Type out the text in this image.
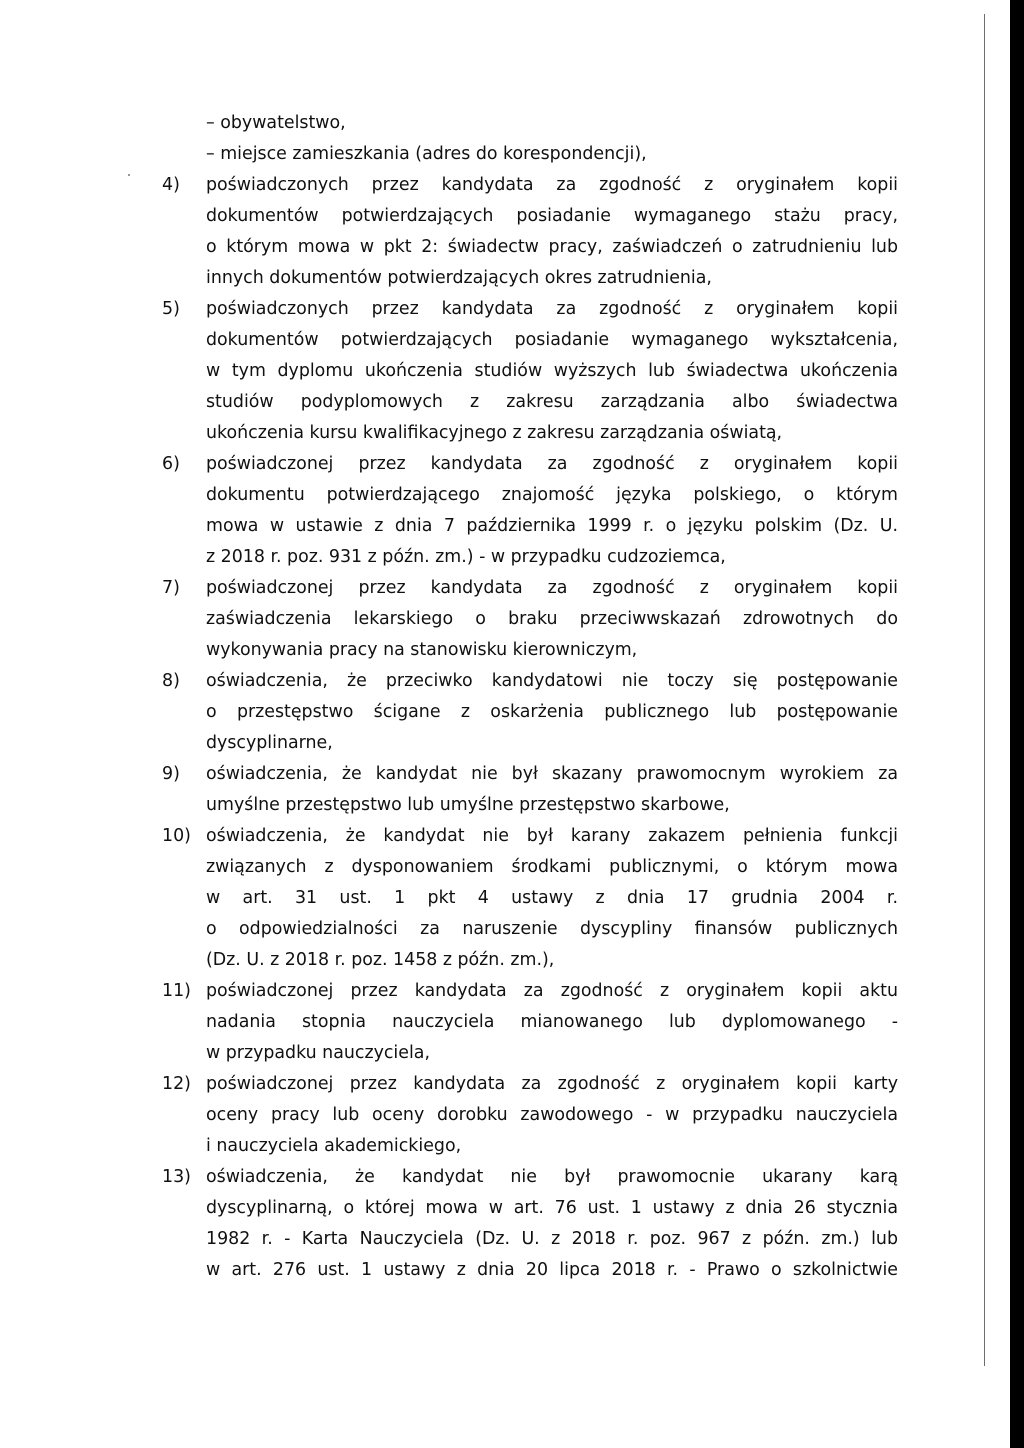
– obywatelstwo,
– miejsce zamieszkania (adres do korespondencji),
4)	poświadczonych przez kandydata za zgodność z oryginałem kopii
dokumentów potwierdzających posiadanie wymaganego stażu pracy,
o którym mowa w pkt 2: świadectw pracy, zaświadczeń o zatrudnieniu lub
innych dokumentów potwierdzających okres zatrudnienia,
5)	poświadczonych przez kandydata za zgodność z oryginałem kopii
dokumentów potwierdzających posiadanie wymaganego wykształcenia,
w tym dyplomu ukończenia studiów wyższych lub świadectwa ukończenia
studiów podyplomowych z zakresu zarządzania albo świadectwa
ukończenia kursu kwalifikacyjnego z zakresu zarządzania oświatą,
6)	poświadczonej przez kandydata za zgodność z oryginałem kopii
dokumentu potwierdzającego znajomość języka polskiego, o którym
mowa w ustawie z dnia 7 października 1999 r. o języku polskim (Dz. U.
z 2018 r. poz. 931 z późn. zm.) - w przypadku cudzoziemca,
7)	poświadczonej przez kandydata za zgodność z oryginałem kopii
zaświadczenia lekarskiego o braku przeciwwskazań zdrowotnych do
wykonywania pracy na stanowisku kierowniczym,
8)	oświadczenia, że przeciwko kandydatowi nie toczy się postępowanie
o przestępstwo ścigane z oskarżenia publicznego lub postępowanie
dyscyplinarne,
9)	oświadczenia, że kandydat nie był skazany prawomocnym wyrokiem za
umyślne przestępstwo lub umyślne przestępstwo skarbowe,
10) oświadczenia, że kandydat nie był karany zakazem pełnienia funkcji
związanych z dysponowaniem środkami publicznymi, o którym mowa
w art. 31 ust. 1 pkt 4 ustawy z dnia 17 grudnia 2004 r.
o odpowiedzialności za naruszenie dyscypliny finansów publicznych
(Dz. U. z 2018 r. poz. 1458 z późn. zm.),
11) poświadczonej przez kandydata za zgodność z oryginałem kopii aktu
nadania stopnia nauczyciela mianowanego lub dyplomowanego -
w przypadku nauczyciela,
12) poświadczonej przez kandydata za zgodność z oryginałem kopii karty
oceny pracy lub oceny dorobku zawodowego - w przypadku nauczyciela
i nauczyciela akademickiego,
13) oświadczenia, że kandydat nie był prawomocnie ukarany karą
dyscyplinarną, o której mowa w art. 76 ust. 1 ustawy z dnia 26 stycznia
1982 r. - Karta Nauczyciela (Dz. U. z 2018 r. poz. 967 z późn. zm.) lub
w art. 276 ust. 1 ustawy z dnia 20 lipca 2018 r. - Prawo o szkolnictwie
